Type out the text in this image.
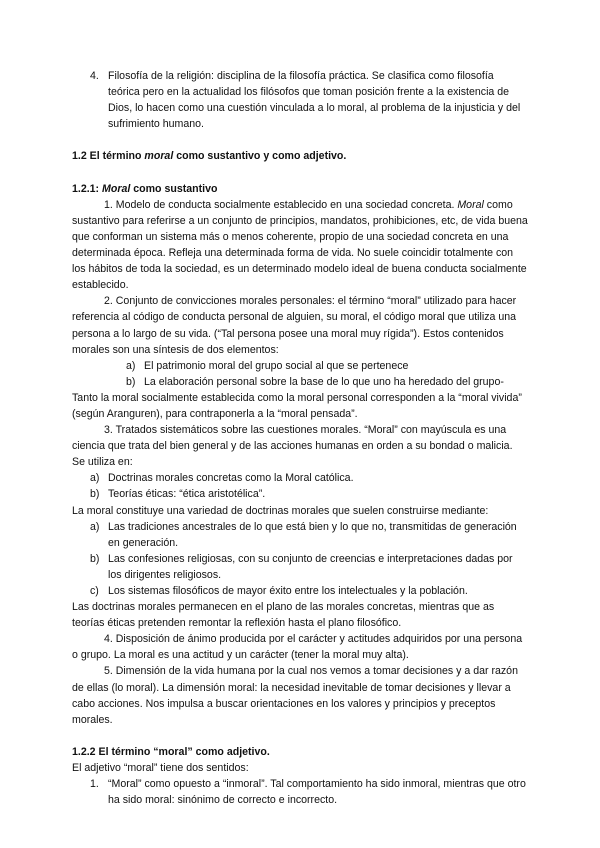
4. Filosofía de la religión: disciplina de la filosofía práctica. Se clasifica como filosofía teórica pero en la actualidad los filósofos que toman posición frente a la existencia de Dios, lo hacen como una cuestión vinculada a lo moral, al problema de la injusticia y del sufrimiento humano.
1.2 El término moral como sustantivo y como adjetivo.
1.2.1: Moral como sustantivo

1. Modelo de conducta socialmente establecido en una sociedad concreta. Moral como sustantivo para referirse a un conjunto de principios, mandatos, prohibiciones, etc, de vida buena que conforman un sistema más o menos coherente, propio de una sociedad concreta en una determinada época. Refleja una determinada forma de vida. No suele coincidir totalmente con los hábitos de toda la sociedad, es un determinado modelo ideal de buena conducta socialmente establecido.

2. Conjunto de convicciones morales personales: el término “moral” utilizado para hacer referencia al código de conducta personal de alguien, su moral, el código moral que utiliza una persona a lo largo de su vida. (“Tal persona posee una moral muy rígida”). Estos contenidos morales son una síntesis de dos elementos:

a) El patrimonio moral del grupo social al que se pertenece
b) La elaboración personal sobre la base de lo que uno ha heredado del grupo-

Tanto la moral socialmente establecida como la moral personal corresponden a la “moral vivida” (según Aranguren), para contraponerla a la “moral pensada”.

3. Tratados sistemáticos sobre las cuestiones morales. “Moral” con mayúscula es una ciencia que trata del bien general y de las acciones humanas en orden a su bondad o malicia. Se utiliza en:

a) Doctrinas morales concretas como la Moral católica.
b) Teorías éticas: “ética aristotélica”.

La moral constituye una variedad de doctrinas morales que suelen construirse mediante:

a) Las tradiciones ancestrales de lo que está bien y lo que no, transmitidas de generación en generación.
b) Las confesiones religiosas, con su conjunto de creencias e interpretaciones dadas por los dirigentes religiosos.
c) Los sistemas filosóficos de mayor éxito entre los intelectuales y la población.

Las doctrinas morales permanecen en el plano de las morales concretas, mientras que as teorías éticas pretenden remontar la reflexión hasta el plano filosófico.

4. Disposición de ánimo producida por el carácter y actitudes adquiridos por una persona o grupo. La moral es una actitud y un carácter (tener la moral muy alta).

5. Dimensión de la vida humana por la cual nos vemos a tomar decisiones y a dar razón de ellas (lo moral). La dimensión moral: la necesidad inevitable de tomar decisiones y llevar a cabo acciones. Nos impulsa a buscar orientaciones en los valores y principios y preceptos morales.

1.2.2 El término “moral” como adjetivo.

El adjetivo “moral” tiene dos sentidos:

1. “Moral” como opuesto a “inmoral”. Tal comportamiento ha sido inmoral, mientras que otro ha sido moral: sinónimo de correcto e incorrecto.
